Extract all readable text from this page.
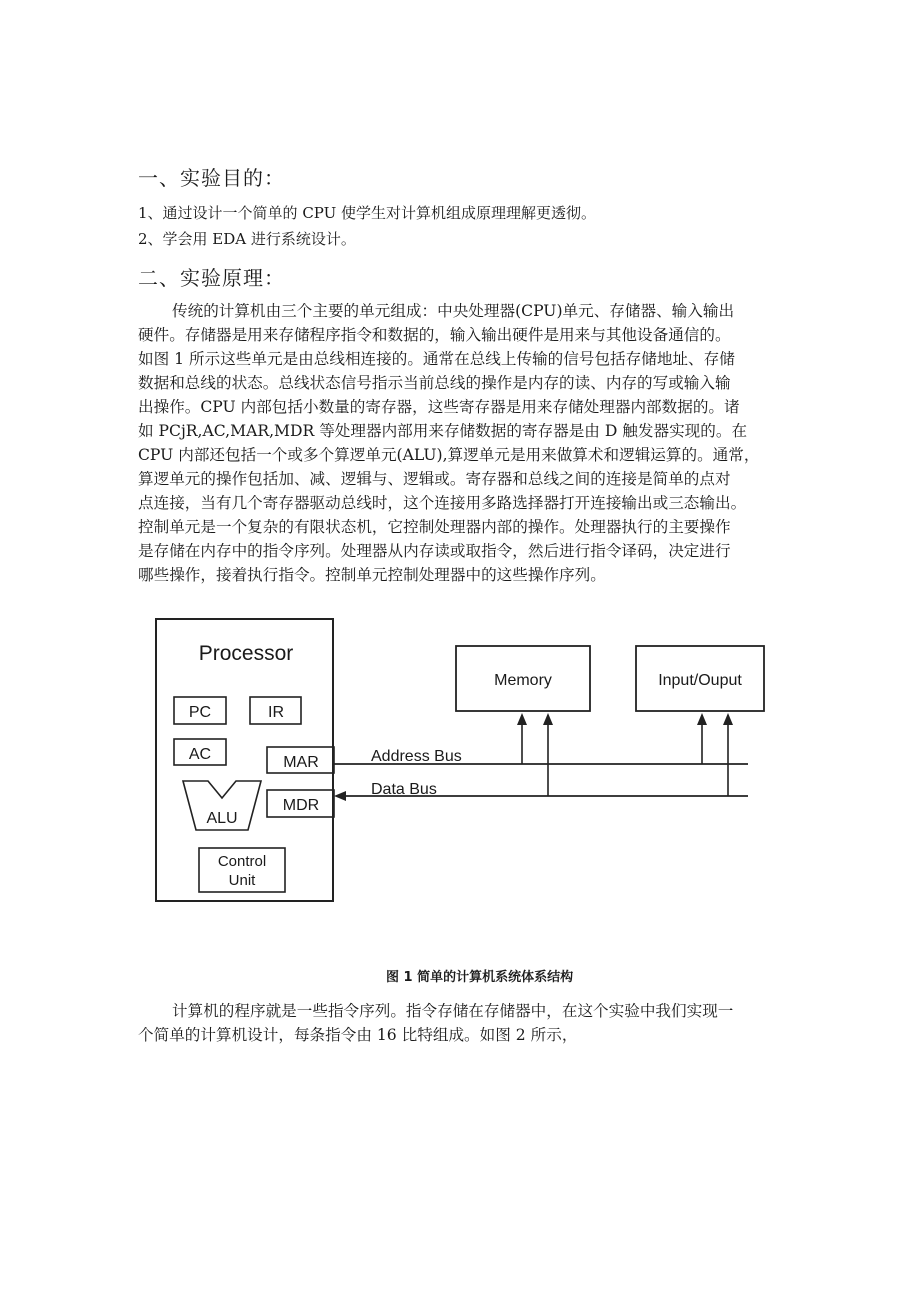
一、实验目的：
1、通过设计一个简单的 CPU 使学生对计算机组成原理理解更透彻。
2、学会用 EDA 进行系统设计。
二、实验原理：
传统的计算机由三个主要的单元组成：中央处理器(CPU)单元、存储器、输入输出
硬件。存储器是用来存储程序指令和数据的，输入输出硬件是用来与其他设备通信的。
如图 1 所示这些单元是由总线相连接的。通常在总线上传输的信号包括存储地址、存储
数据和总线的状态。总线状态信号指示当前总线的操作是内存的读、内存的写或输入输
出操作。CPU 内部包括小数量的寄存器，这些寄存器是用来存储处理器内部数据的。诸
如 PCjR,AC,MAR,MDR 等处理器内部用来存储数据的寄存器是由 D 触发器实现的。在
CPU 内部还包括一个或多个算逻单元(ALU),算逻单元是用来做算术和逻辑运算的。通常，
算逻单元的操作包括加、减、逻辑与、逻辑或。寄存器和总线之间的连接是简单的点对
点连接，当有几个寄存器驱动总线时，这个连接用多路选择器打开连接输出或三态输出。
控制单元是一个复杂的有限状态机，它控制处理器内部的操作。处理器执行的主要操作
是存储在内存中的指令序列。处理器从内存读或取指令，然后进行指令译码，决定进行
哪些操作，接着执行指令。控制单元控制处理器中的这些操作序列。
Processor
PC	IR
AC	MAR
MDR
ALU
Control
Unit
Memory	Input/Ouput
Address Bus
Data Bus
图 1 简单的计算机系统体系结构
计算机的程序就是一些指令序列。指令存储在存储器中，在这个实验中我们实现一
个简单的计算机设计，每条指令由 16 比特组成。如图 2 所示，
